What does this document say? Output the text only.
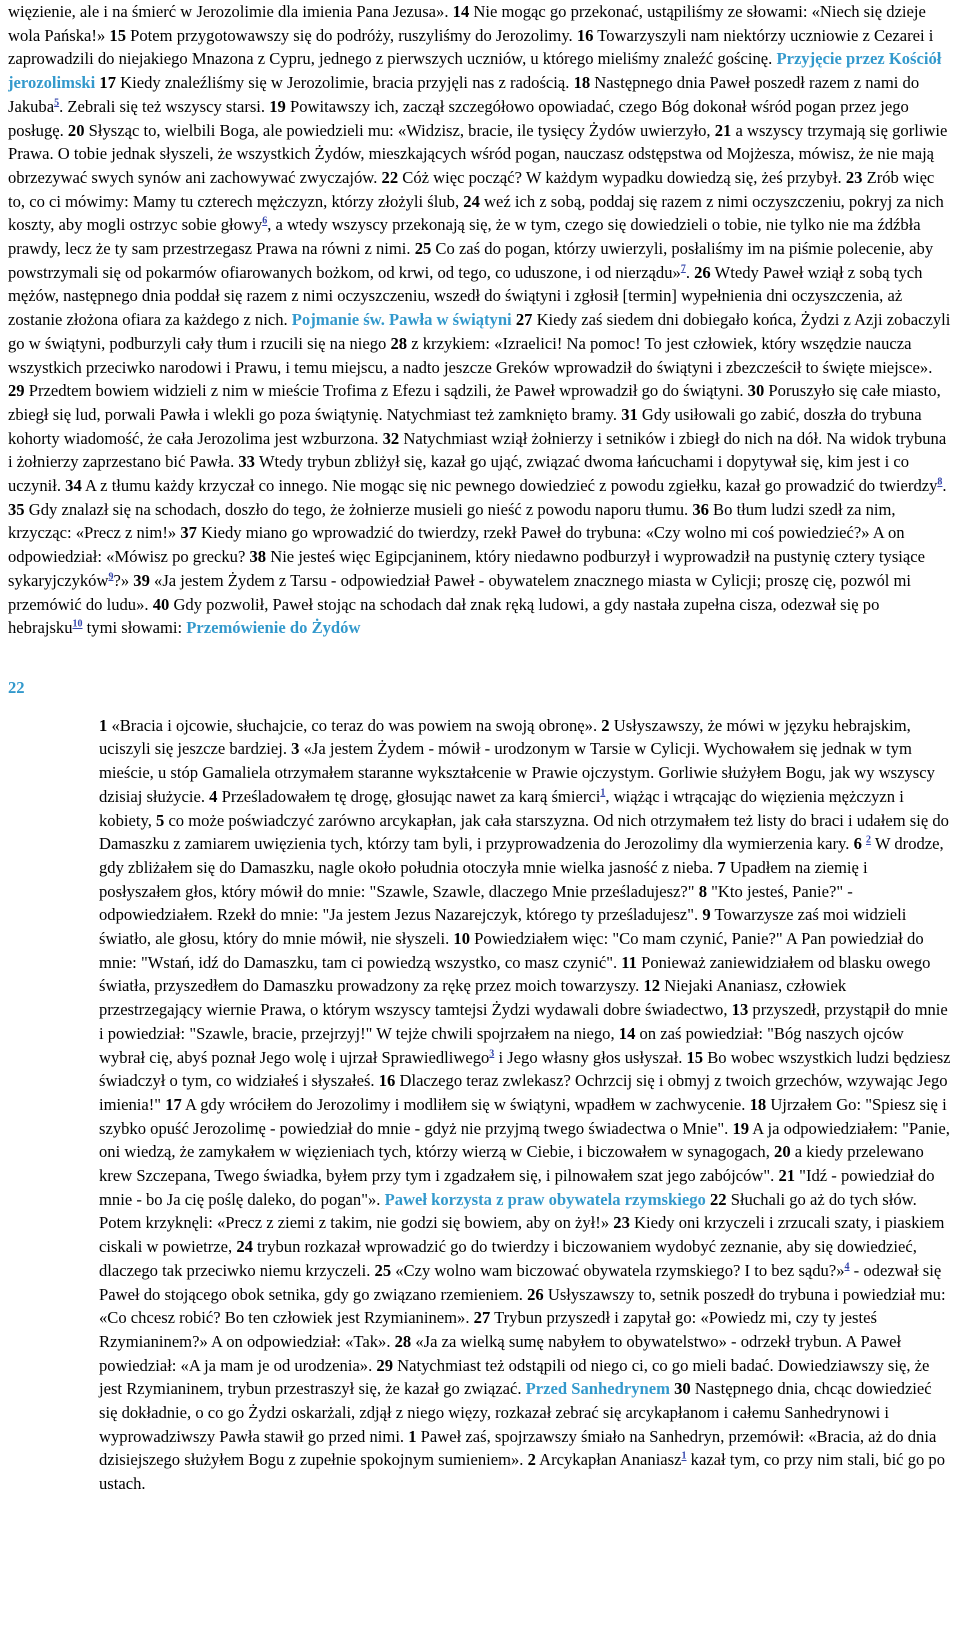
więzienie, ale i na śmierć w Jerozolimie dla imienia Pana Jezusa». 14 Nie mogąc go przekonać, ustąpiliśmy ze słowami: «Niech się dzieje wola Pańska!» 15 Potem przygotowawszy się do podróży, ruszyliśmy do Jerozolimy. 16 Towarzyszyli nam niektórzy uczniowie z Cezarei i zaprowadzili do niejakiego Mnazona z Cypru, jednego z pierwszych uczniów, u którego mieliśmy znaleźć gościnę. Przyjęcie przez Kościół jerozolimski 17 Kiedy znaleźliśmy się w Jerozolimie, bracia przyjęli nas z radością. 18 Następnego dnia Paweł poszedł razem z nami do Jakuba$^5$. Zebrali się też wszyscy starsi. 19 Powitawszy ich, zaczął szczegółowo opowiadać, czego Bóg dokonał wśród pogan przez jego posługę. 20 Słysząc to, wielbili Boga, ale powiedzieli mu: «Widzisz, bracie, ile tysięcy Żydów uwierzyło, 21 a wszyscy trzymają się gorliwie Prawa. O tobie jednak słyszeli, że wszystkich Żydów, mieszkających wśród pogan, nauczasz odstępstwa od Mojżesza, mówisz, że nie mają obrzezywać swych synów ani zachowywać zwyczajów. 22 Cóż więc począć? W każdym wypadku dowiedzą się, żeś przybył. 23 Zrób więc to, co ci mówimy: Mamy tu czterech mężczyzn, którzy złożyli ślub, 24 weź ich z sobą, poddaj się razem z nimi oczyszczeniu, pokryj za nich koszty, aby mogli ostrzyc sobie głowy$^6$, a wtedy wszyscy przekonają się, że w tym, czego się dowiedzieli o tobie, nie tylko nie ma źdźbła prawdy, lecz że ty sam przestrzegasz Prawa na równi z nimi. 25 Co zaś do pogan, którzy uwierzyli, posłaliśmy im na piśmie polecenie, aby powstrzymali się od pokarmów ofiarowanych bożkom, od krwi, od tego, co uduszone, i od nierządu»$^7$. 26 Wtedy Paweł wziął z sobą tych mężów, następnego dnia poddał się razem z nimi oczyszczeniu, wszedł do świątyni i zgłosił [termin] wypełnienia dni oczyszczenia, aż zostanie złożona ofiara za każdego z nich. Pojmanie św. Pawła w świątyni 27 Kiedy zaś siedem dni dobiegało końca, Żydzi z Azji zobaczyli go w świątyni, podburzyli cały tłum i rzucili się na niego 28 z krzykiem: «Izraelici! Na pomoc! To jest człowiek, który wszędzie naucza wszystkich przeciwko narodowi i Prawu, i temu miejscu, a nadto jeszcze Greków wprowadził do świątyni i zbezcześcił to święte miejsce». 29 Przedtem bowiem widzieli z nim w mieście Trofima z Efezu i sądzili, że Paweł wprowadził go do świątyni. 30 Poruszyło się całe miasto, zbiegł się lud, porwali Pawła i wlekli go poza świątynię. Natychmiast też zamknięto bramy. 31 Gdy usiłowali go zabić, doszła do trybuna kohorty wiadomość, że cała Jerozolima jest wzburzona. 32 Natychmiast wziął żołnierzy i setników i zbiegł do nich na dół. Na widok trybuna i żołnierzy zaprzestano bić Pawła. 33 Wtedy trybun zbliżył się, kazał go ująć, związać dwoma łańcuchami i dopytywał się, kim jest i co uczynił. 34 A z tłumu każdy krzyczał co innego. Nie mogąc się nic pewnego dowiedzieć z powodu zgiełku, kazał go prowadzić do twierdzy$^8$. 35 Gdy znalazł się na schodach, doszło do tego, że żołnierze musieli go nieść z powodu naporu tłumu. 36 Bo tłum ludzi szedł za nim, krzycząc: «Precz z nim!» 37 Kiedy miano go wprowadzić do twierdzy, rzekł Paweł do trybuna: «Czy wolno mi coś powiedzieć?» A on odpowiedział: «Mówisz po grecku? 38 Nie jesteś więc Egipcjaninem, który niedawno podburzył i wyprowadził na pustynię cztery tysiące sykaryjczyków$^9$?» 39 «Ja jestem Żydem z Tarsu - odpowiedział Paweł - obywatelem znacznego miasta w Cylicji; proszę cię, pozwól mi przemówić do ludu». 40 Gdy pozwolił, Paweł stojąc na schodach dał znak ręką ludowi, a gdy nastała zupełna cisza, odezwał się po hebrajsku$^{10}$ tymi słowami: Przemówienie do Żydów

22

1 «Bracia i ojcowie, słuchajcie, co teraz do was powiem na swoją obronę». 2 Usłyszawszy, że mówi w języku hebrajskim, uciszyli się jeszcze bardziej. 3 «Ja jestem Żydem - mówił - urodzonym w Tarsie w Cylicji. Wychowałem się jednak w tym mieście, u stóp Gamaliela otrzymałem staranne wykształcenie w Prawie ojczystym. Gorliwie służyłem Bogu, jak wy wszyscy dzisiaj służycie. 4 Prześladowałem tę drogę, głosując nawet za karą śmierci$^1$, wiążąc i wtrącając do więzienia mężczyzn i kobiety, 5 co może poświadczyć zarówno arcykapłan, jak cała starszyzna. Od nich otrzymałem też listy do braci i udałem się do Damaszku z zamiarem uwięzienia tych, którzy tam byli, i przyprowadzenia do Jerozolimy dla wymierzenia kary. 6 $^2$ W drodze, gdy zbliżałem się do Damaszku, nagle około południa otoczyła mnie wielka jasność z nieba. 7 Upadłem na ziemię i posłyszałem głos, który mówił do mnie: "Szawle, Szawle, dlaczego Mnie prześladujesz?" 8 "Kto jesteś, Panie?" - odpowiedziałem. Rzekł do mnie: "Ja jestem Jezus Nazarejczyk, którego ty prześladujesz". 9 Towarzysze zaś moi widzieli światło, ale głosu, który do mnie mówił, nie słyszeli. 10 Powiedziałem więc: "Co mam czynić, Panie?" A Pan powiedział do mnie: "Wstań, idź do Damaszku, tam ci powiedzą wszystko, co masz czynić". 11 Ponieważ zaniewidziałem od blasku owego światła, przyszedłem do Damaszku prowadzony za rękę przez moich towarzyszy. 12 Niejaki Ananiasz, człowiek przestrzegający wiernie Prawa, o którym wszyscy tamtejsi Żydzi wydawali dobre świadectwo, 13 przyszedł, przystąpił do mnie i powiedział: "Szawle, bracie, przejrzyj!" W tejże chwili spojrzałem na niego, 14 on zaś powiedział: "Bóg naszych ojców wybrał cię, abyś poznał Jego wolę i ujrzał Sprawiedliwego$^3$ i Jego własny głos usłyszał. 15 Bo wobec wszystkich ludzi będziesz świadczył o tym, co widziałeś i słyszałeś. 16 Dlaczego teraz zwlekasz? Ochrzcij się i obmyj z twoich grzechów, wzywając Jego imienia!" 17 A gdy wróciłem do Jerozolimy i modliłem się w świątyni, wpadłem w zachwycenie. 18 Ujrzałem Go: "Spiesz się i szybko opuść Jerozolimę - powiedział do mnie - gdyż nie przyjmą twego świadectwa o Mnie". 19 A ja odpowiedziałem: "Panie, oni wiedzą, że zamykałem w więzieniach tych, którzy wierzą w Ciebie, i biczowałem w synagogach, 20 a kiedy przelewano krew Szczepana, Twego świadka, byłem przy tym i zgadzałem się, i pilnowałem szat jego zabójców". 21 "Idź - powiedział do mnie - bo Ja cię poślę daleko, do pogan"». Paweł korzysta z praw obywatela rzymskiego 22 Słuchali go aż do tych słów. Potem krzyknęli: «Precz z ziemi z takim, nie godzi się bowiem, aby on żył!» 23 Kiedy oni krzyczeli i zrzucali szaty, i piaskiem ciskali w powietrze, 24 trybun rozkazał wprowadzić go do twierdzy i biczowaniem wydobyć zeznanie, aby się dowiedzieć, dlaczego tak przeciwko niemu krzyczeli. 25 «Czy wolno wam biczować obywatela rzymskiego? I to bez sądu?»$^4$ - odezwał się Paweł do stojącego obok setnika, gdy go związano rzemieniem. 26 Usłyszawszy to, setnik poszedł do trybuna i powiedział mu: «Co chcesz robić? Bo ten człowiek jest Rzymianinem». 27 Trybun przyszedł i zapytał go: «Powiedz mi, czy ty jesteś Rzymianinem?» A on odpowiedział: «Tak». 28 «Ja za wielką sumę nabyłem to obywatelstwo» - odrzekł trybun. A Paweł powiedział: «A ja mam je od urodzenia». 29 Natychmiast też odstąpili od niego ci, co go mieli badać. Dowiedziawszy się, że jest Rzymianinem, trybun przestraszył się, że kazał go związać. Przed Sanhedrynem 30 Następnego dnia, chcąc dowiedzieć się dokładnie, o co go Żydzi oskarżali, zdjął z niego więzy, rozkazał zebrać się arcykapłanom i całemu Sanhedrynowi i wyprowadziwszy Pawła stawił go przed nimi. 1 Paweł zaś, spojrzawszy śmiało na Sanhedryn, przemówił: «Bracia, aż do dnia dzisiejszego służyłem Bogu z zupełnie spokojnym sumieniem». 2 Arcykapłan Ananiasz$^1$ kazał tym, co przy nim stali, bić go po ustach.
